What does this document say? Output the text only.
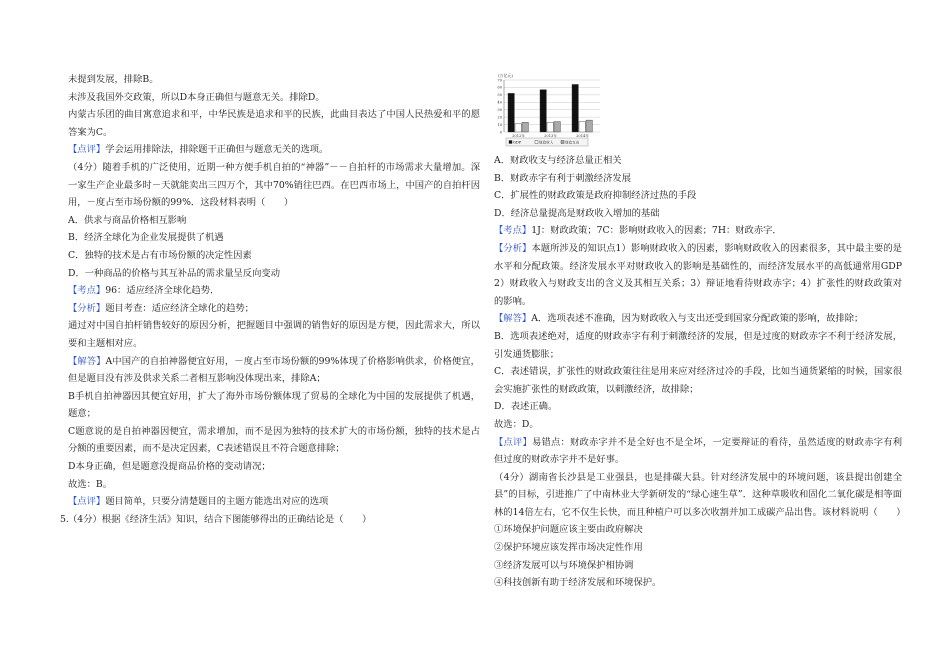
未提到发展，排除B。
未涉及我国外交政策，所以D本身正确但与题意无关。排除D。
内蒙古乐团的曲目寓意追求和平，中华民族是追求和平的民族，此曲目表达了中国人民热爱和平的愿
答案为C。
【点评】学会运用排除法，排除题干正确但与题意无关的选项。
（4分）随着手机的广泛使用，近期一种方便手机自拍的“神器”－－自拍杆的市场需求大量增加。深
一家生产企业最多时－天就能卖出三四万个，其中70%销往巴西。在巴西市场上，中国产的自拍杆因
用，－度占至市场份额的99%．这段材料表明（　　）
A．供求与商品价格相互影响
B．经济全球化为企业发展提供了机遇
C．独特的技术是占有市场份额的决定性因素
D．一种商品的价格与其互补品的需求量呈反向变动
【考点】96：适应经济全球化趋势．
【分析】题目考查：适应经济全球化的趋势；
通过对中国自拍杆销售较好的原因分析，把握题目中强调的销售好的原因是方便，因此需求大，所以
要和主题相对应。
【解答】A中国产的自拍神器便宜好用，－度占至市场份额的99%体现了价格影响供求，价格便宜，
但是题目没有涉及供求关系二者相互影响没体现出来，排除A；
B手机自拍神器因其便宜好用，扩大了海外市场份额体现了贸易的全球化为中国的发展提供了机遇，
题意；
C题意说的是自拍神器因便宜，需求增加，而不是因为独特的技术扩大的市场份额，独特的技术是占
分额的重要因素，而不是决定因素，C表述错误且不符合题意排除；
D本身正确，但是题意没提商品价格的变动请况；
故选：B。
【点评】题目简单，只要分清楚题目的主题方能选出对应的选项
5. （4分）根据《经济生活》知识，结合下图能够得出的正确结论是（　　）
A．财政收支与经济总量正相关
B．财政赤字有利于刺激经济发展
C．扩展性的财政政策是政府抑制经济过热的手段
D．经济总量提高是财政收入增加的基础
【考点】1J：财政政策；7C：影响财政收入的因素；7H：财政赤字．
【分析】本题所涉及的知识点1）影响财政收入的因素，影响财政收入的因素很多，其中最主要的是
水平和分配政策。经济发展水平对财政收入的影响是基础性的，而经济发展水平的高低通常用GDP
2）财政收入与财政支出的含义及其相互关系；3）辩证地看待财政赤字；4）扩张性的财政政策对
的影响。
【解答】A．选项表述不准确，因为财政收入与支出还受到国家分配政策的影响，故排除；
B．选项表述绝对，适度的财政赤字有利于刺激经济的发展，但是过度的财政赤字不利于经济发展，
引发通货膨胀；
C．表述错误，扩张性的财政政策往往是用来应对经济过冷的手段，比如当通货紧缩的时候，国家很
会实施扩张性的财政政策，以刺激经济，故排除；
D．表述正确。
故选：D。
【点评】易错点：财政赤字并不是全好也不是全坏，一定要辩证的看待，虽然适度的财政赤字有利
但过度的财政赤字并不是好事。
（4分）湖南省长沙县是工业强县，也是排碳大县。针对经济发展中的环境问题，该县提出创建全
县”的目标，引进推广了中南林业大学新研发的“绿心速生草”．这种草吸收和固化二氧化碳是相等面
林的14倍左右，它不仅生长快，而且种植户可以多次收割并加工成碳产品出售。该材料说明（　　）
①环境保护问题应该主要由政府解决
②保护环境应该发挥市场决定性作用
③经济发展可以与环境保护相协调
④科技创新有助于经济发展和环境保护。
(万亿元)
0
10
20
30
40
50
60
70
2012年	2013年	2014年
GDP	财政收入	财政支出
